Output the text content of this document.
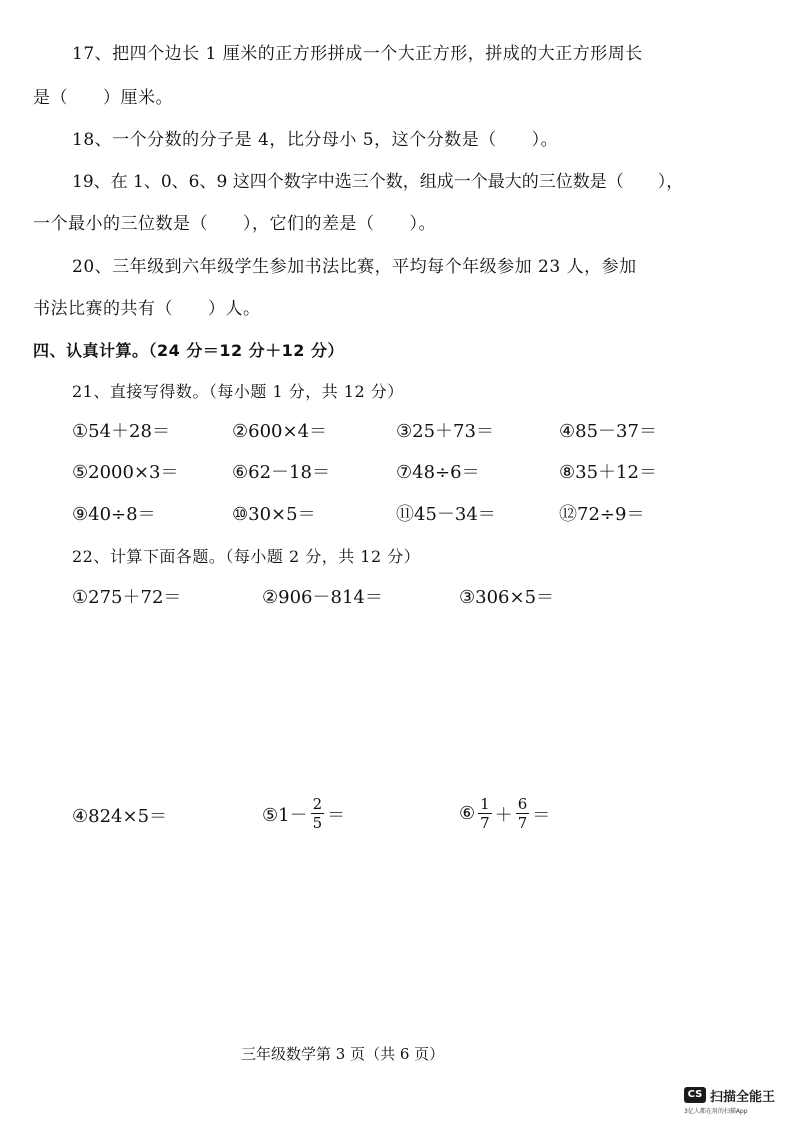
17、把四个边长 1 厘米的正方形拼成一个大正方形，拼成的大正方形周长
是（　　）厘米。
18、一个分数的分子是 4，比分母小 5，这个分数是（　　）。
19、在 1、0、6、9 这四个数字中选三个数，组成一个最大的三位数是（　　），
一个最小的三位数是（　　），它们的差是（　　）。
20、三年级到六年级学生参加书法比赛，平均每个年级参加 23 人，参加
书法比赛的共有（　　）人。
四、认真计算。（24 分＝12 分＋12 分）
21、直接写得数。（每小题 1 分，共 12 分）
①54＋28＝	②600×4＝	③25＋73＝	④85－37＝
⑤2000×3＝	⑥62－18＝	⑦48÷6＝	⑧35＋12＝
⑨40÷8＝	⑩30×5＝	⑪45－34＝	⑫72÷9＝
22、计算下面各题。（每小题 2 分，共 12 分）
①275＋72＝	②906－814＝	③306×5＝
④824×5＝	⑤1－ $\frac{2}{5}$ ＝	⑥ $\frac{1}{7} + \frac{6}{7}$ ＝
三年级数学第 3 页（共 6 页）
CS 扫描全能王
3亿人都在用的扫描App
